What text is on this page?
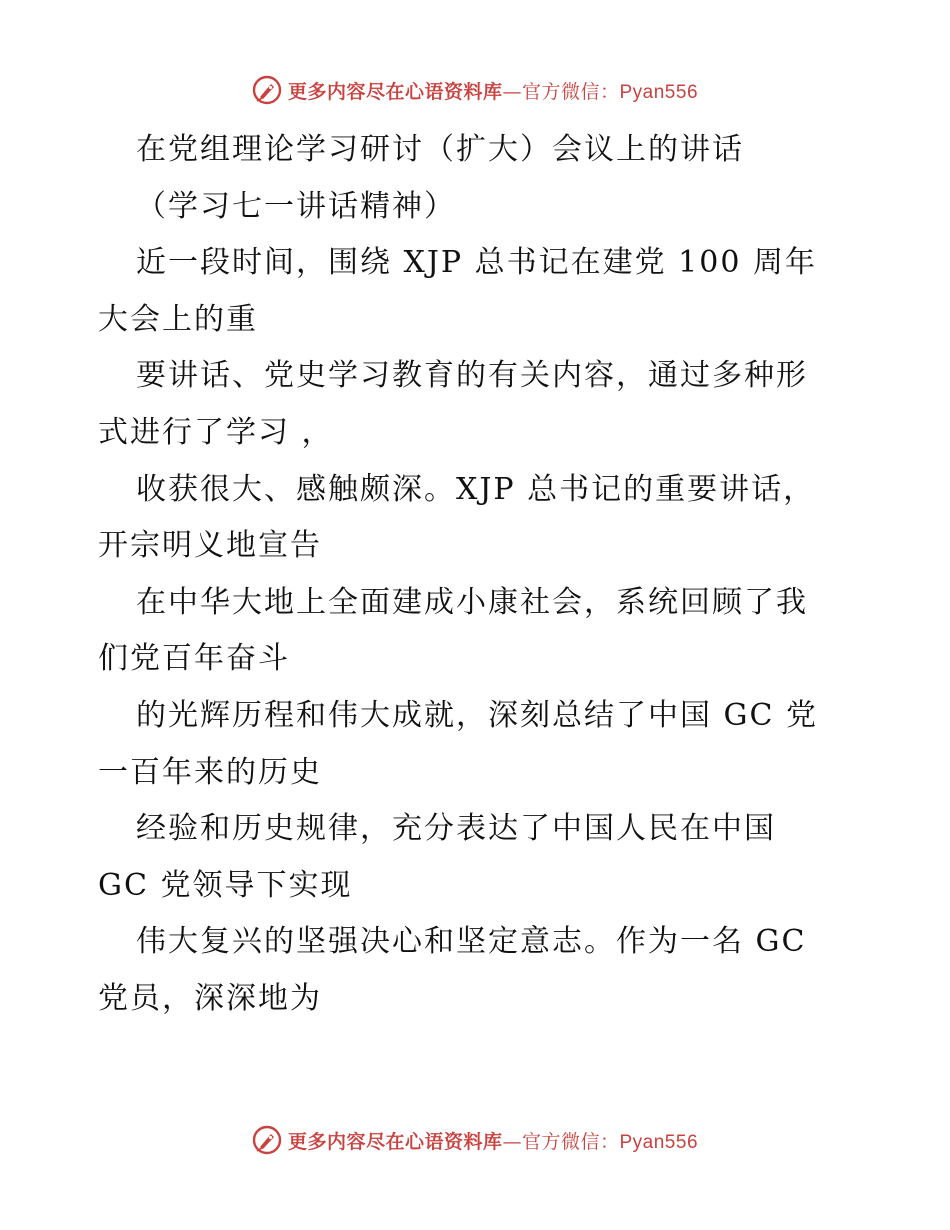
更多内容尽在心语资料库—官方微信：Pyan556
在党组理论学习研讨（扩大）会议上的讲话
（学习七一讲话精神）
近一段时间，围绕 XJP 总书记在建党 100 周年
大会上的重
要讲话、党史学习教育的有关内容，通过多种形
式进行了学习 ，
收获很大、感触颇深。XJP 总书记的重要讲话，
开宗明义地宣告
在中华大地上全面建成小康社会，系统回顾了我
们党百年奋斗
的光辉历程和伟大成就，深刻总结了中国 GC 党
一百年来的历史
经验和历史规律，充分表达了中国人民在中国
GC 党领导下实现
伟大复兴的坚强决心和坚定意志。作为一名 GC
党员，深深地为
更多内容尽在心语资料库—官方微信：Pyan556
